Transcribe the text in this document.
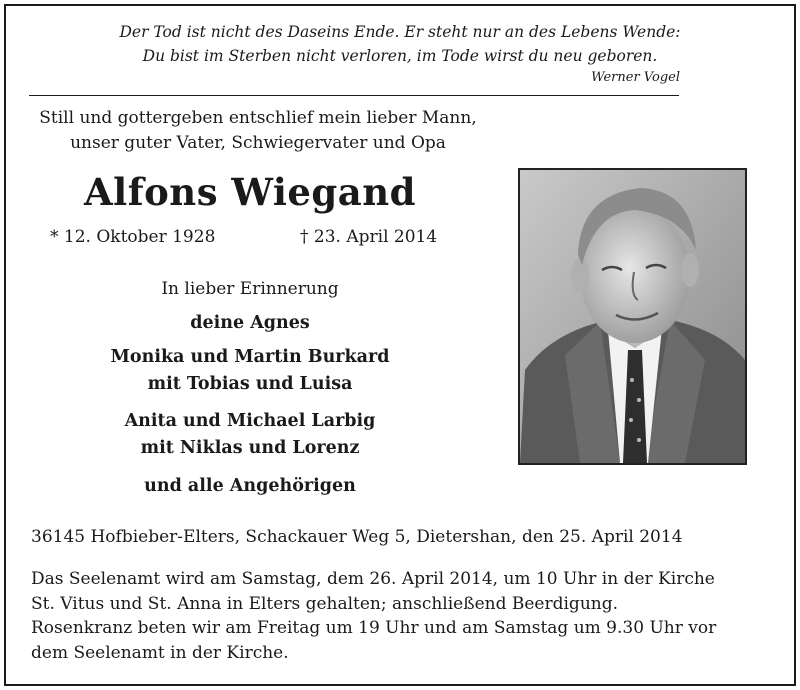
Der Tod ist nicht des Daseins Ende. Er steht nur an des Lebens Wende:
Du bist im Sterben nicht verloren, im Tode wirst du neu geboren.
Werner Vogel
Still und gottergeben entschlief mein lieber Mann,
unser guter Vater, Schwiegervater und Opa
Alfons Wiegand
* 12. Oktober 1928	† 23. April 2014
In lieber Erinnerung
deine Agnes
Monika und Martin Burkard
mit Tobias und Luisa
Anita und Michael Larbig
mit Niklas und Lorenz
und alle Angehörigen
36145 Hofbieber-Elters, Schackauer Weg 5, Dietershan, den 25. April 2014

Das Seelenamt wird am Samstag, dem 26. April 2014, um 10 Uhr in der Kirche

St. Vitus und St. Anna in Elters gehalten; anschließend Beerdigung.

Rosenkranz beten wir am Freitag um 19 Uhr und am Samstag um 9.30 Uhr vor

dem Seelenamt in der Kirche.
